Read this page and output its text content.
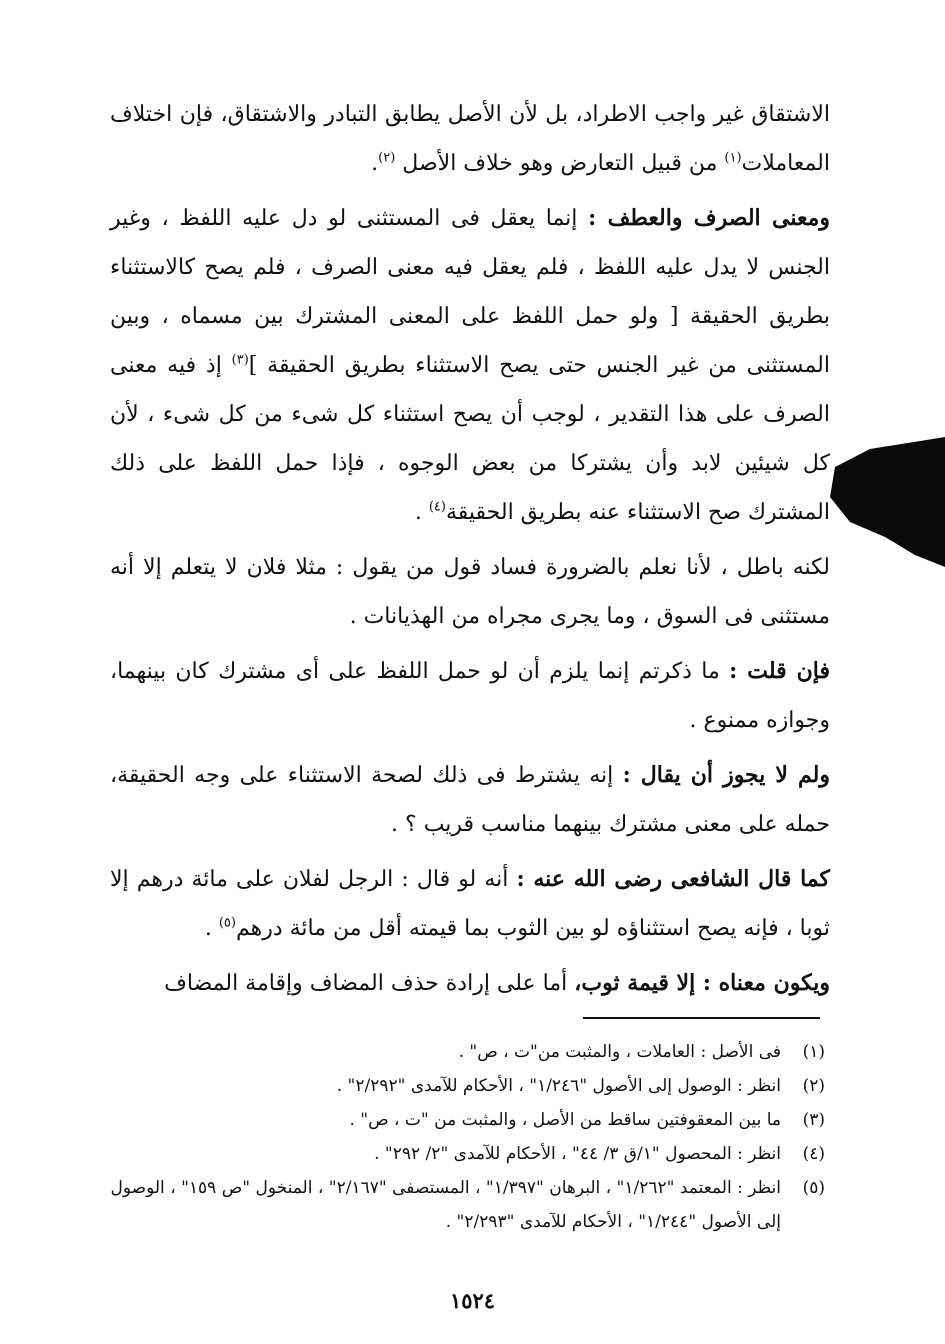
الاشتقاق غير واجب الاطراد، بل لأن الأصل يطابق التبادر والاشتقاق، فإن اختلاف المعاملات$^{(١)}$ من قبيل التعارض وهو خلاف الأصل $^{(٢)}$.

ومعنى الصرف والعطف : إنما يعقل فى المستثنى لو دل عليه اللفظ ، وغير الجنس لا يدل عليه اللفظ ، فلم يعقل فيه معنى الصرف ، فلم يصح كالاستثناء بطريق الحقيقة [ ولو حمل اللفظ على المعنى المشترك بين مسماه ، وبين المستثنى من غير الجنس حتى يصح الاستثناء بطريق الحقيقة ]$^{(٣)}$ إذ فيه معنى الصرف على هذا التقدير ، لوجب أن يصح استثناء كل شىء من كل شىء ، لأن كل شيئين لابد وأن يشتركا من بعض الوجوه ، فإذا حمل اللفظ على ذلك المشترك صح الاستثناء عنه بطريق الحقيقة$^{(٤)}$ .

لكنه باطل ، لأنا نعلم بالضرورة فساد قول من يقول : مثلا فلان لا يتعلم إلا أنه مستثنى فى السوق ، وما يجرى مجراه من الهذيانات .

فإن قلت : ما ذكرتم إنما يلزم أن لو حمل اللفظ على أى مشترك كان بينهما، وجوازه ممنوع .

ولم لا يجوز أن يقال : إنه يشترط فى ذلك لصحة الاستثناء على وجه الحقيقة، حمله على معنى مشترك بينهما مناسب قريب ؟ .

كما قال الشافعى رضى الله عنه : أنه لو قال : الرجل لفلان على مائة درهم إلا ثوبا ، فإنه يصح استثناؤه لو بين الثوب بما قيمته أقل من مائة درهم$^{(٥)}$ .

ويكون معناه : إلا قيمة ثوب، أما على إرادة حذف المضاف وإقامة المضاف

(١)
فى الأصل : العاملات ، والمثبت من"ت ، ص" .
(٢)
انظر : الوصول إلى الأصول "١/٢٤٦" ، الأحكام للآمدى "٢/٢٩٢" .
(٣)
ما بين المعقوفتين ساقط من الأصل ، والمثبت من "ت ، ص" .
(٤)
انظر : المحصول "١/ق ٣/ ٤٤" ، الأحكام للآمدى "٢/ ٢٩٢" .
(٥)
انظر : المعتمد "١/٢٦٢" ، البرهان "١/٣٩٧" ، المستصفى "٢/١٦٧" ، المنخول "ص ١٥٩" ، الوصول إلى الأصول "١/٢٤٤" ، الأحكام للآمدى "٢/٢٩٣" .
١٥٢٤
